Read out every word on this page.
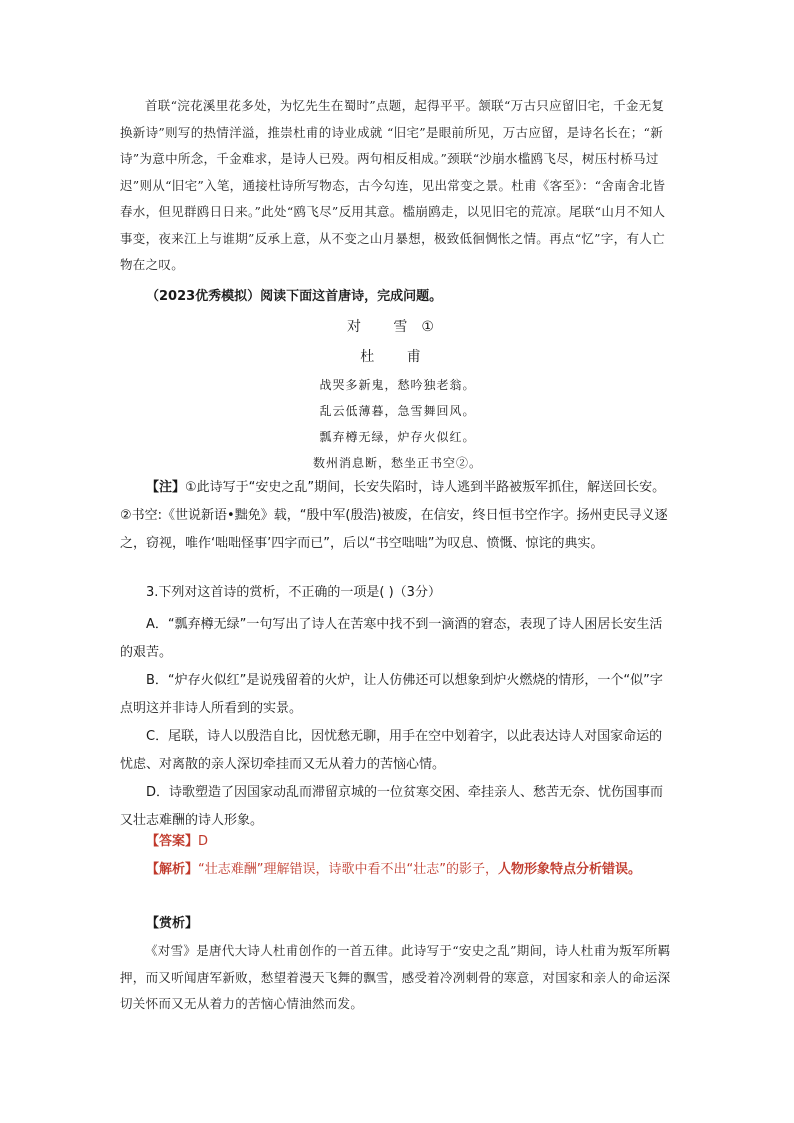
首联“浣花溪里花多处，为忆先生在蜀时”点题，起得平平。颔联“万古只应留旧宅，千金无复换新诗”则写的热情洋溢，推崇杜甫的诗业成就 “旧宅”是眼前所见，万古应留，是诗名长在；“新诗”为意中所念，千金难求，是诗人已殁。两句相反相成。”颈联“沙崩水槛鸥飞尽，树压村桥马过迟”则从“旧宅”入笔，通接杜诗所写物态，古今勾连，见出常变之景。杜甫《客至》：“舍南舍北皆春水，但见群鸥日日来。”此处“鸥飞尽”反用其意。槛崩鸥走，以见旧宅的荒凉。尾联“山月不知人事变，夜来江上与谁期”反承上意，从不变之山月暴想，极致低徊惆怅之情。再点“忆”字，有人亡物在之叹。

（2023优秀模拟）阅读下面这首唐诗，完成问题。

对 雪①
杜 甫
战哭多新鬼，愁吟独老翁。
乱云低薄暮，急雪舞回风。
瓢弃樽无绿，炉存火似红。
数州消息断，愁坐正书空②。

【注】①此诗写于“安史之乱”期间，长安失陷时，诗人逃到半路被叛军抓住，解送回长安。②书空:《世说新语•黜免》载，“殷中军(殷浩)被废，在信安，终日恒书空作字。扬州吏民寻义逐之，窃视，唯作‘咄咄怪事’四字而已”，后以“书空咄咄”为叹息、愤慨、惊诧的典实。

3.下列对这首诗的赏析，不正确的一项是( )（3分）

A．“瓢弃樽无绿”一句写出了诗人在苦寒中找不到一滴酒的窘态，表现了诗人困居长安生活的艰苦。

B．“炉存火似红”是说残留着的火炉，让人仿佛还可以想象到炉火燃烧的情形，一个“似”字点明这并非诗人所看到的实景。

C．尾联，诗人以殷浩自比，因忧愁无聊，用手在空中划着字，以此表达诗人对国家命运的忧虑、对离散的亲人深切牵挂而又无从着力的苦恼心情。

D．诗歌塑造了因国家动乱而滞留京城的一位贫寒交困、牵挂亲人、愁苦无奈、忧伤国事而又壮志难酬的诗人形象。

【答案】D

【解析】“壮志难酬”理解错误，诗歌中看不出“壮志”的影子，人物形象特点分析错误。

【赏析】

《对雪》是唐代大诗人杜甫创作的一首五律。此诗写于“安史之乱”期间，诗人杜甫为叛军所羁押，而又听闻唐军新败，愁望着漫天飞舞的飘雪，感受着冷冽刺骨的寒意，对国家和亲人的命运深切关怀而又无从着力的苦恼心情油然而发。
